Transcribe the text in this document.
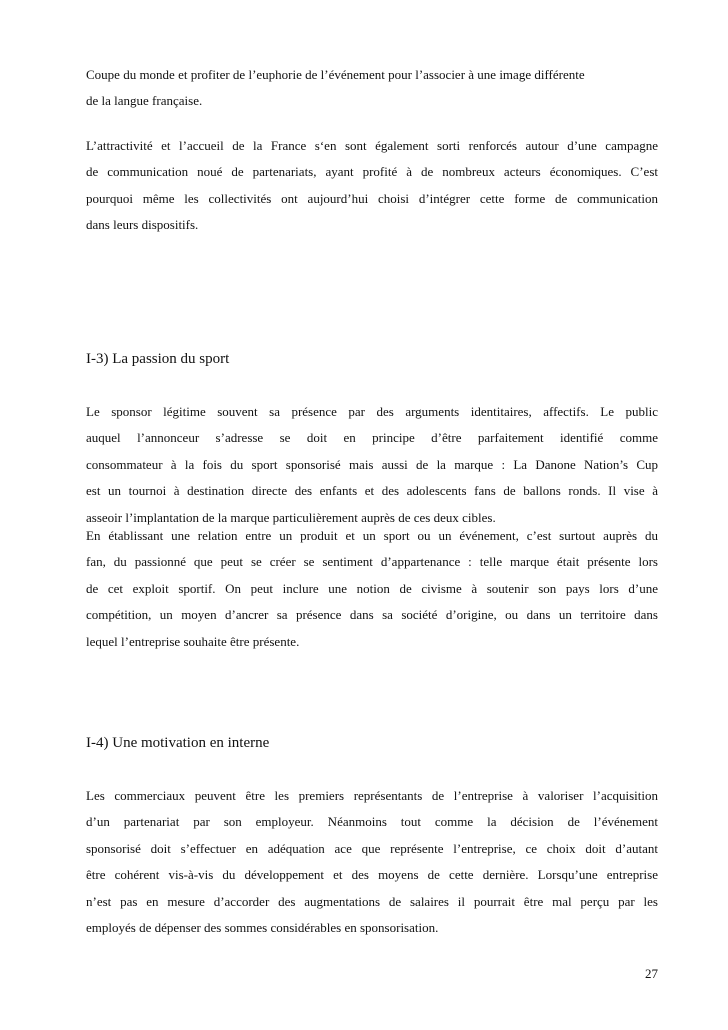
Coupe du monde et profiter de l’euphorie de l’événement pour l’associer à une image différente
de la langue française.
L’attractivité et l’accueil de la France s‘en sont également sorti renforcés autour d’une campagne
de communication noué de partenariats, ayant profité à de nombreux acteurs économiques. C’est
pourquoi même les collectivités ont aujourd’hui choisi d’intégrer cette forme de communication
dans leurs dispositifs.
I-3) La passion du sport
Le sponsor légitime souvent sa présence par des arguments identitaires, affectifs. Le public
auquel l’annonceur s’adresse se doit en principe d’être parfaitement identifié comme
consommateur à la fois du sport sponsorisé mais aussi de la marque : La Danone Nation’s Cup
est un tournoi à destination directe des enfants et des adolescents fans de ballons ronds. Il vise à
asseoir l’implantation de la marque particulièrement auprès de ces deux cibles.
En établissant une relation entre un produit et un sport ou un événement, c’est surtout auprès du
fan, du passionné que peut se créer se sentiment d’appartenance : telle marque était présente lors
de cet exploit sportif. On peut inclure une notion de civisme à soutenir son pays lors d’une
compétition, un moyen d’ancrer sa présence dans sa société d’origine, ou dans un territoire dans
lequel l’entreprise souhaite être présente.
I-4) Une motivation en interne
Les commerciaux peuvent être les premiers représentants de l’entreprise à valoriser l’acquisition
d’un partenariat par son employeur. Néanmoins tout comme la décision de l’événement
sponsorisé doit s’effectuer en adéquation ace que représente l’entreprise, ce choix doit d’autant
être cohérent vis-à-vis du développement et des moyens de cette dernière. Lorsqu’une entreprise
n’est pas en mesure d’accorder des augmentations de salaires il pourrait être mal perçu par les
employés de dépenser des sommes considérables en sponsorisation.
27
